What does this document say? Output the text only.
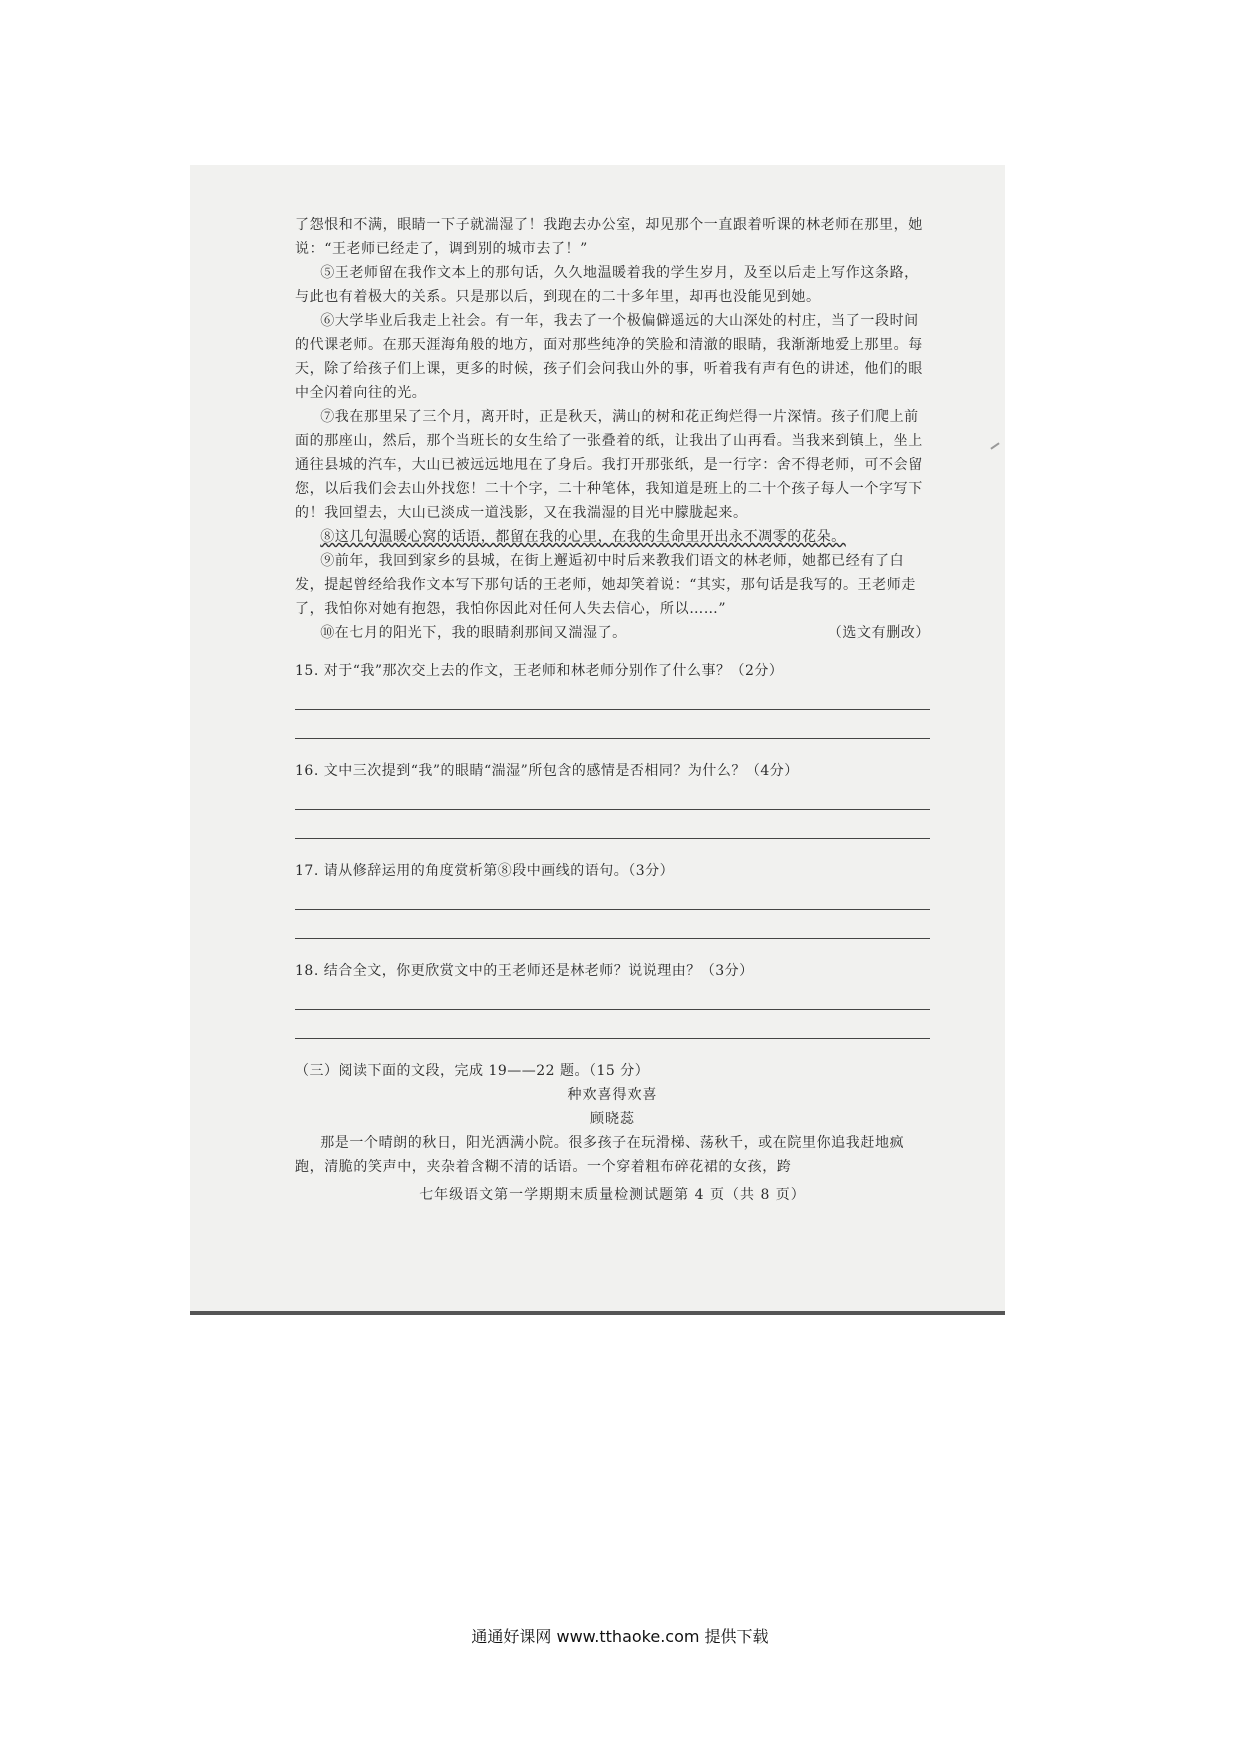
了怨恨和不满，眼睛一下子就湍湿了！我跑去办公室，却见那个一直跟着听课的林老师在那里，她说：“王老师已经走了，调到别的城市去了！”

⑤王老师留在我作文本上的那句话，久久地温暖着我的学生岁月，及至以后走上写作这条路，与此也有着极大的关系。只是那以后，到现在的二十多年里，却再也没能见到她。

⑥大学毕业后我走上社会。有一年，我去了一个极偏僻遥远的大山深处的村庄，当了一段时间的代课老师。在那天涯海角般的地方，面对那些纯净的笑脸和清澈的眼睛，我渐渐地爱上那里。每天，除了给孩子们上课，更多的时候，孩子们会问我山外的事，听着我有声有色的讲述，他们的眼中全闪着向往的光。

⑦我在那里呆了三个月，离开时，正是秋天，满山的树和花正绚烂得一片深情。孩子们爬上前面的那座山，然后，那个当班长的女生给了一张叠着的纸，让我出了山再看。当我来到镇上，坐上通往县城的汽车，大山已被远远地甩在了身后。我打开那张纸，是一行字：舍不得老师，可不会留您，以后我们会去山外找您！二十个字，二十种笔体，我知道是班上的二十个孩子每人一个字写下的！我回望去，大山已淡成一道浅影，又在我湍湿的目光中朦胧起来。

⑧这几句温暖心窝的话语，都留在我的心里，在我的生命里开出永不凋零的花朵。

⑨前年，我回到家乡的县城，在街上邂逅初中时后来教我们语文的林老师，她都已经有了白发，提起曾经给我作文本写下那句话的王老师，她却笑着说：“其实，那句话是我写的。王老师走了，我怕你对她有抱怨，我怕你因此对任何人失去信心，所以……”

⑩在七月的阳光下，我的眼睛刹那间又湍湿了。	（选文有删改）

15. 对于“我”那次交上去的作文，王老师和林老师分别作了什么事？（2分）

16. 文中三次提到“我”的眼睛“湍湿”所包含的感情是否相同？为什么？（4分）

17. 请从修辞运用的角度赏析第⑧段中画线的语句。（3分）

18. 结合全文，你更欣赏文中的王老师还是林老师？说说理由？（3分）

（三）阅读下面的文段，完成 19——22 题。（15 分）

种欢喜得欢喜

顾晓蕊

那是一个晴朗的秋日，阳光洒满小院。很多孩子在玩滑梯、荡秋千，或在院里你追我赶地疯跑，清脆的笑声中，夹杂着含糊不清的话语。一个穿着粗布碎花裙的女孩，跨

七年级语文第一学期期末质量检测试题第 4 页（共 8 页）

通通好课网 www.tthaoke.com 提供下载
